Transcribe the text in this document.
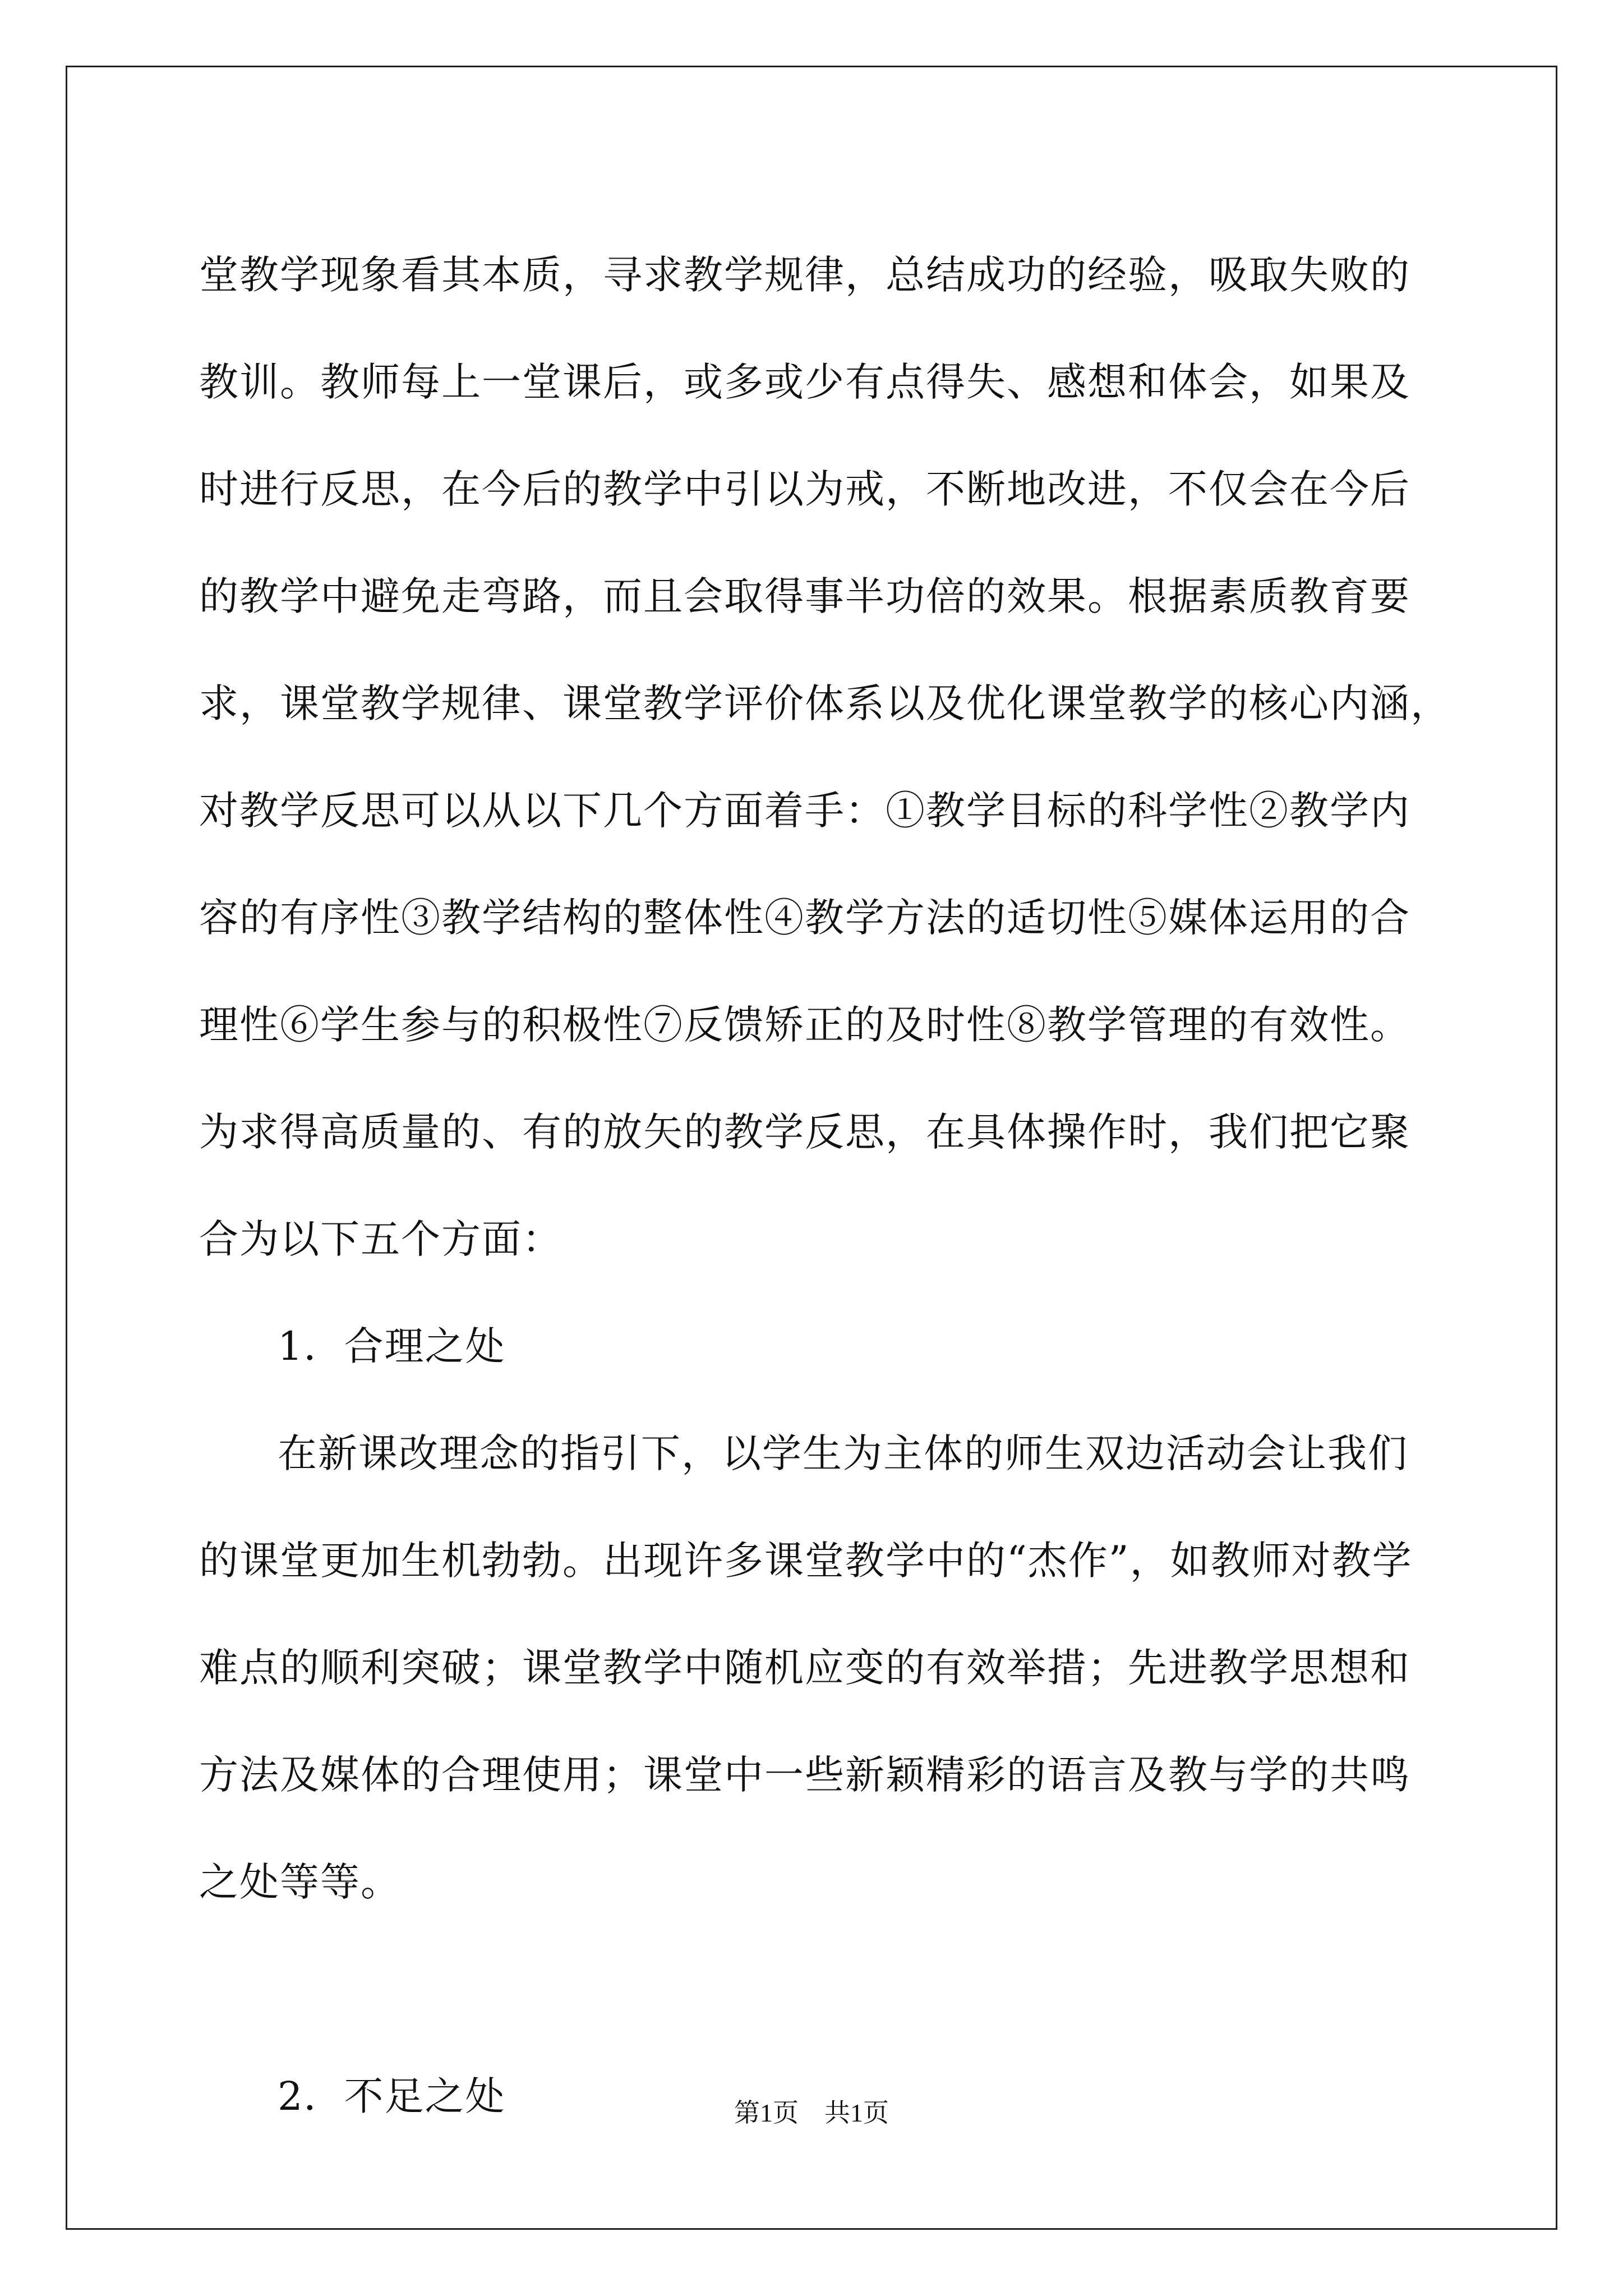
堂教学现象看其本质，寻求教学规律，总结成功的经验，吸取失败的
教训。教师每上一堂课后，或多或少有点得失、感想和体会，如果及
时进行反思，在今后的教学中引以为戒，不断地改进，不仅会在今后
的教学中避免走弯路，而且会取得事半功倍的效果。根据素质教育要
求，课堂教学规律、课堂教学评价体系以及优化课堂教学的核心内涵，
对教学反思可以从以下几个方面着手：①教学目标的科学性②教学内
容的有序性③教学结构的整体性④教学方法的适切性⑤媒体运用的合
理性⑥学生参与的积极性⑦反馈矫正的及时性⑧教学管理的有效性。
为求得高质量的、有的放矢的教学反思，在具体操作时，我们把它聚
合为以下五个方面：
1．合理之处
在新课改理念的指引下，以学生为主体的师生双边活动会让我们
的课堂更加生机勃勃。出现许多课堂教学中的“杰作”，如教师对教学
难点的顺利突破；课堂教学中随机应变的有效举措；先进教学思想和
方法及媒体的合理使用；课堂中一些新颖精彩的语言及教与学的共鸣
之处等等。
2．不足之处	第1页　共1页
